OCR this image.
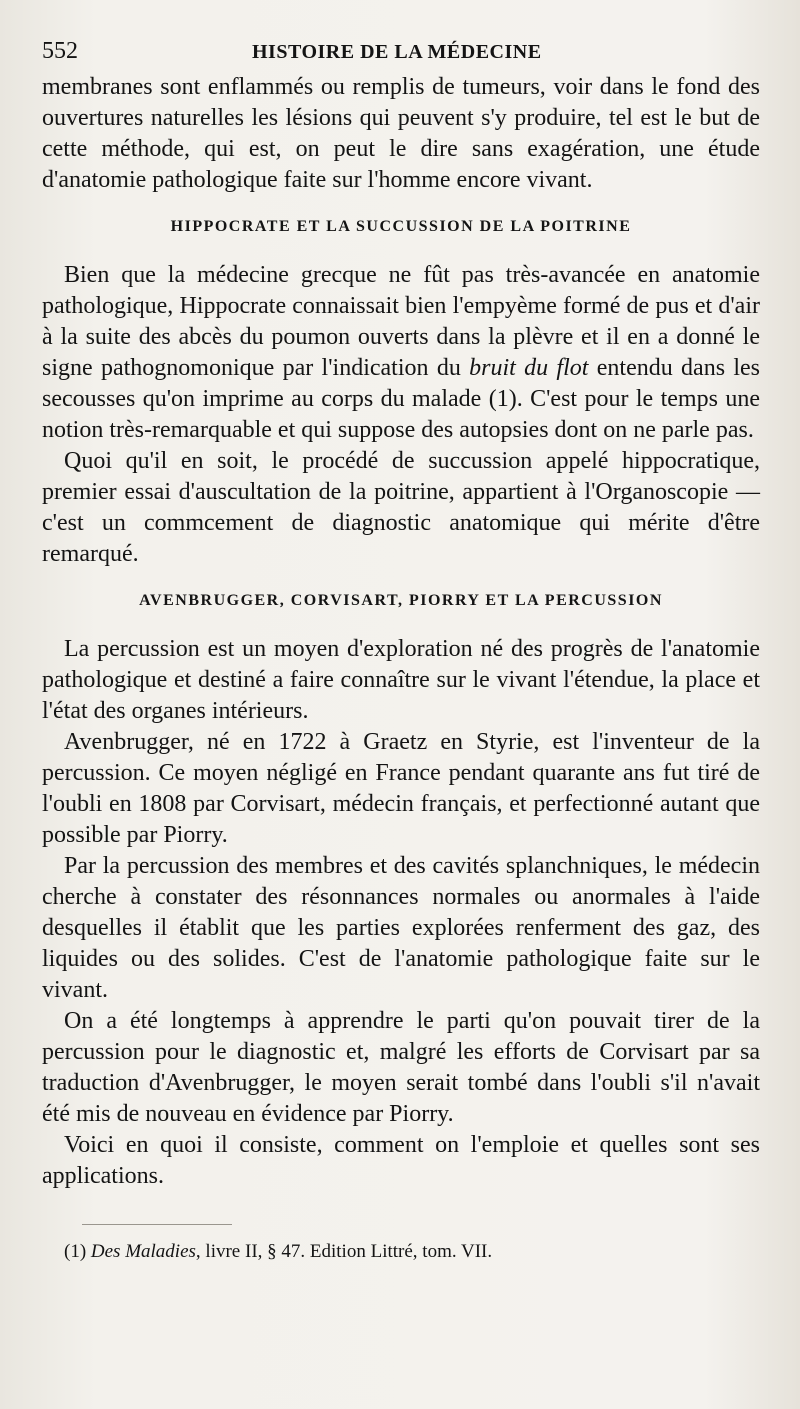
552	HISTOIRE DE LA MÉDECINE

membranes sont enflammés ou remplis de tumeurs, voir dans le fond des ouvertures naturelles les lésions qui peuvent s'y produire, tel est le but de cette méthode, qui est, on peut le dire sans exagération, une étude d'anatomie pathologique faite sur l'homme encore vivant.

HIPPOCRATE ET LA SUCCUSSION DE LA POITRINE

Bien que la médecine grecque ne fût pas très-avancée en anatomie pathologique, Hippocrate connaissait bien l'empyème formé de pus et d'air à la suite des abcès du poumon ouverts dans la plèvre et il en a donné le signe pathognomonique par l'indication du bruit du flot entendu dans les secousses qu'on imprime au corps du malade (1). C'est pour le temps une notion très-remarquable et qui suppose des autopsies dont on ne parle pas.

Quoi qu'il en soit, le procédé de succussion appelé hippocratique, premier essai d'auscultation de la poitrine, appartient à l'Organoscopie — c'est un commcement de diagnostic anatomique qui mérite d'être remarqué.

AVENBRUGGER, CORVISART, PIORRY ET LA PERCUSSION

La percussion est un moyen d'exploration né des progrès de l'anatomie pathologique et destiné a faire connaître sur le vivant l'étendue, la place et l'état des organes intérieurs.

Avenbrugger, né en 1722 à Graetz en Styrie, est l'inventeur de la percussion. Ce moyen négligé en France pendant quarante ans fut tiré de l'oubli en 1808 par Corvisart, médecin français, et perfectionné autant que possible par Piorry.

Par la percussion des membres et des cavités splanchniques, le médecin cherche à constater des résonnances normales ou anormales à l'aide desquelles il établit que les parties explorées renferment des gaz, des liquides ou des solides. C'est de l'anatomie pathologique faite sur le vivant.

On a été longtemps à apprendre le parti qu'on pouvait tirer de la percussion pour le diagnostic et, malgré les efforts de Corvisart par sa traduction d'Avenbrugger, le moyen serait tombé dans l'oubli s'il n'avait été mis de nouveau en évidence par Piorry.

Voici en quoi il consiste, comment on l'emploie et quelles sont ses applications.

(1) Des Maladies, livre II, § 47. Edition Littré, tom. VII.
